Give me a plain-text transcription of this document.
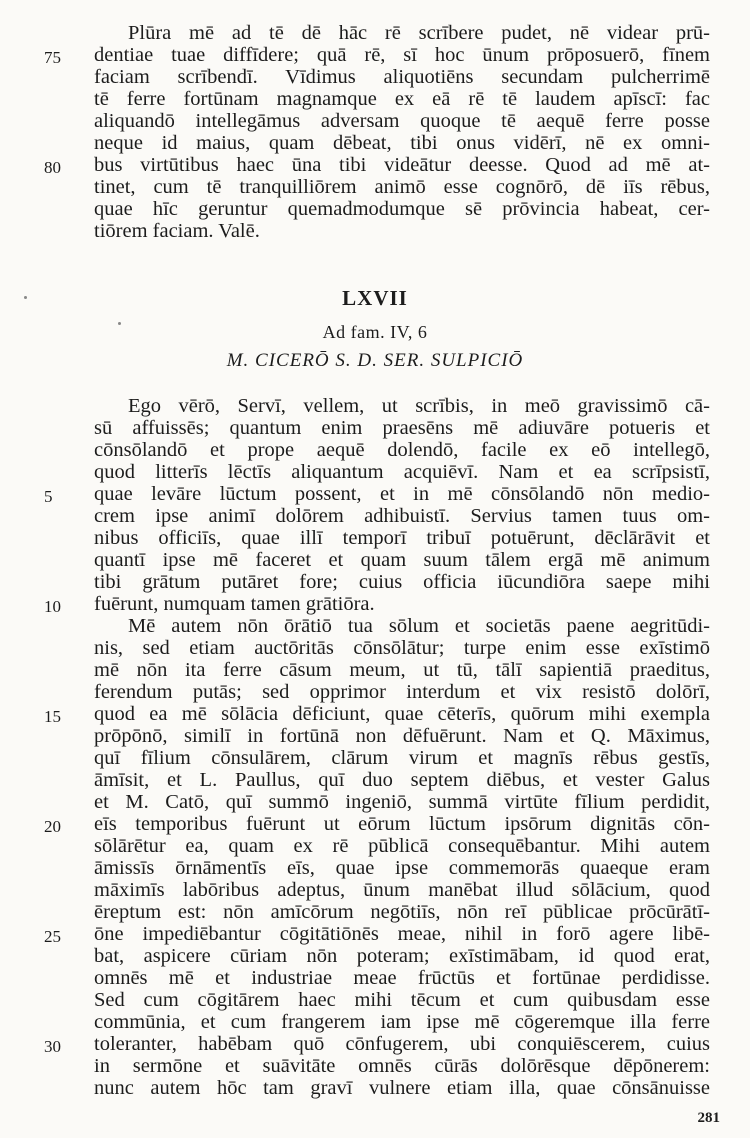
Plūra mē ad tē dē hāc rē scrībere pudet, nē videar prū-
dentiae tuae diffīdere; quā rē, sī hoc ūnum prōposuerō, fīnem
faciam scrībendī. Vīdimus aliquotiēns secundam pulcherrimē
tē ferre fortūnam magnamque ex eā rē tē laudem apīscī: fac
aliquandō intellegāmus adversam quoque tē aequē ferre posse
neque id maius, quam dēbeat, tibi onus vidērī, nē ex omni-
bus virtūtibus haec ūna tibi videātur deesse. Quod ad mē at-
tinet, cum tē tranquilliōrem animō esse cognōrō, dē iīs rēbus,
quae hīc geruntur quemadmodumque sē prōvincia habeat, cer-
tiōrem faciam. Valē.
75
80
LXVII
Ad fam. IV, 6
M. CICERŌ S. D. SER. SULPICIŌ
Ego vērō, Servī, vellem, ut scrībis, in meō gravissimō cā-
sū affuissēs; quantum enim praesēns mē adiuvāre potueris et
cōnsōlandō et prope aequē dolendō, facile ex eō intellegō,
quod litterīs lēctīs aliquantum acquiēvī. Nam et ea scrīpsistī,
quae levāre lūctum possent, et in mē cōnsōlandō nōn medio-
crem ipse animī dolōrem adhibuistī. Servius tamen tuus om-
nibus officiīs, quae illī temporī tribuī potuērunt, dēclārāvit et
quantī ipse mē faceret et quam suum tālem ergā mē animum
tibi grātum putāret fore; cuius officia iūcundiōra saepe mihi
fuērunt, numquam tamen grātiōra.
Mē autem nōn ōrātiō tua sōlum et societās paene aegritūdi-
nis, sed etiam auctōritās cōnsōlātur; turpe enim esse exīstimō
mē nōn ita ferre cāsum meum, ut tū, tālī sapientiā praeditus,
ferendum putās; sed opprimor interdum et vix resistō dolōrī,
quod ea mē sōlācia dēficiunt, quae cēterīs, quōrum mihi exempla
prōpōnō, similī in fortūnā non dēfuērunt. Nam et Q. Māximus,
quī fīlium cōnsulārem, clārum virum et magnīs rēbus gestīs,
āmīsit, et L. Paullus, quī duo septem diēbus, et vester Galus
et M. Catō, quī summō ingeniō, summā virtūte fīlium perdidit,
eīs temporibus fuērunt ut eōrum lūctum ipsōrum dignitās cōn-
sōlārētur ea, quam ex rē pūblicā consequēbantur. Mihi autem
āmissīs ōrnāmentīs eīs, quae ipse commemorās quaeque eram
māximīs labōribus adeptus, ūnum manēbat illud sōlācium, quod
ēreptum est: nōn amīcōrum negōtiīs, nōn reī pūblicae prōcūrātī-
ōne impediēbantur cōgitātiōnēs meae, nihil in forō agere libē-
bat, aspicere cūriam nōn poteram; exīstimābam, id quod erat,
omnēs mē et industriae meae frūctūs et fortūnae perdidisse.
Sed cum cōgitārem haec mihi tēcum et cum quibusdam esse
commūnia, et cum frangerem iam ipse mē cōgeremque illa ferre
toleranter, habēbam quō cōnfugerem, ubi conquiēscerem, cuius
in sermōne et suāvitāte omnēs cūrās dolōrēsque dēpōnerem:
nunc autem hōc tam gravī vulnere etiam illa, quae cōnsānuisse
5
10
15
20
25
30
281
